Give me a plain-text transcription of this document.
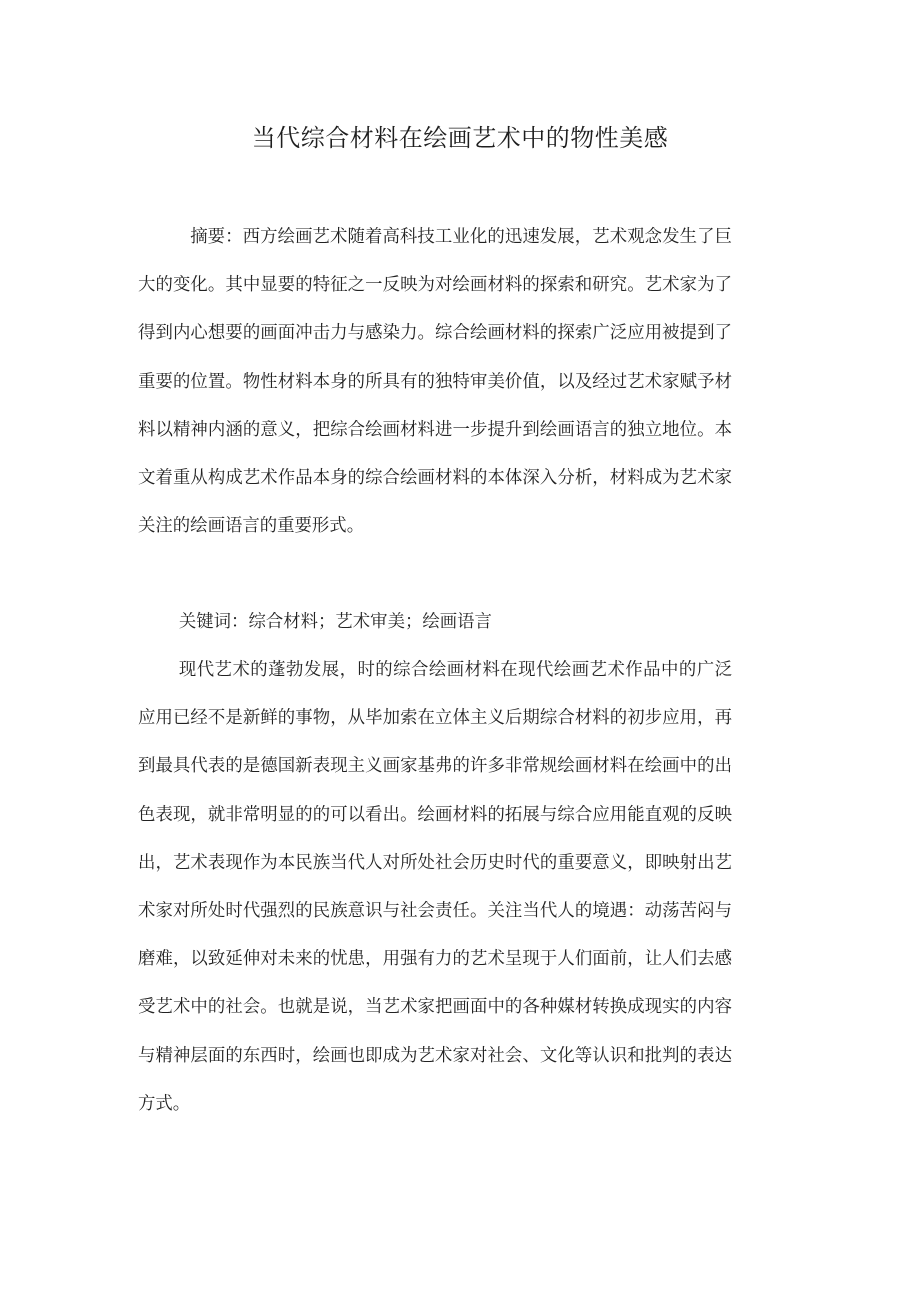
当代综合材料在绘画艺术中的物性美感

摘要：西方绘画艺术随着高科技工业化的迅速发展，艺术观念发生了巨大的变化。其中显要的特征之一反映为对绘画材料的探索和研究。艺术家为了得到内心想要的画面冲击力与感染力。综合绘画材料的探索广泛应用被提到了重要的位置。物性材料本身的所具有的独特审美价值，以及经过艺术家赋予材料以精神内涵的意义，把综合绘画材料进一步提升到绘画语言的独立地位。本文着重从构成艺术作品本身的综合绘画材料的本体深入分析，材料成为艺术家关注的绘画语言的重要形式。

关键词：综合材料；艺术审美；绘画语言

现代艺术的蓬勃发展，时的综合绘画材料在现代绘画艺术作品中的广泛应用已经不是新鲜的事物，从毕加索在立体主义后期综合材料的初步应用，再到最具代表的是德国新表现主义画家基弗的许多非常规绘画材料在绘画中的出色表现，就非常明显的的可以看出。绘画材料的拓展与综合应用能直观的反映出，艺术表现作为本民族当代人对所处社会历史时代的重要意义，即映射出艺术家对所处时代强烈的民族意识与社会责任。关注当代人的境遇：动荡苦闷与磨难，以致延伸对未来的忧患，用强有力的艺术呈现于人们面前，让人们去感受艺术中的社会。也就是说，当艺术家把画面中的各种媒材转换成现实的内容与精神层面的东西时，绘画也即成为艺术家对社会、文化等认识和批判的表达方式。
